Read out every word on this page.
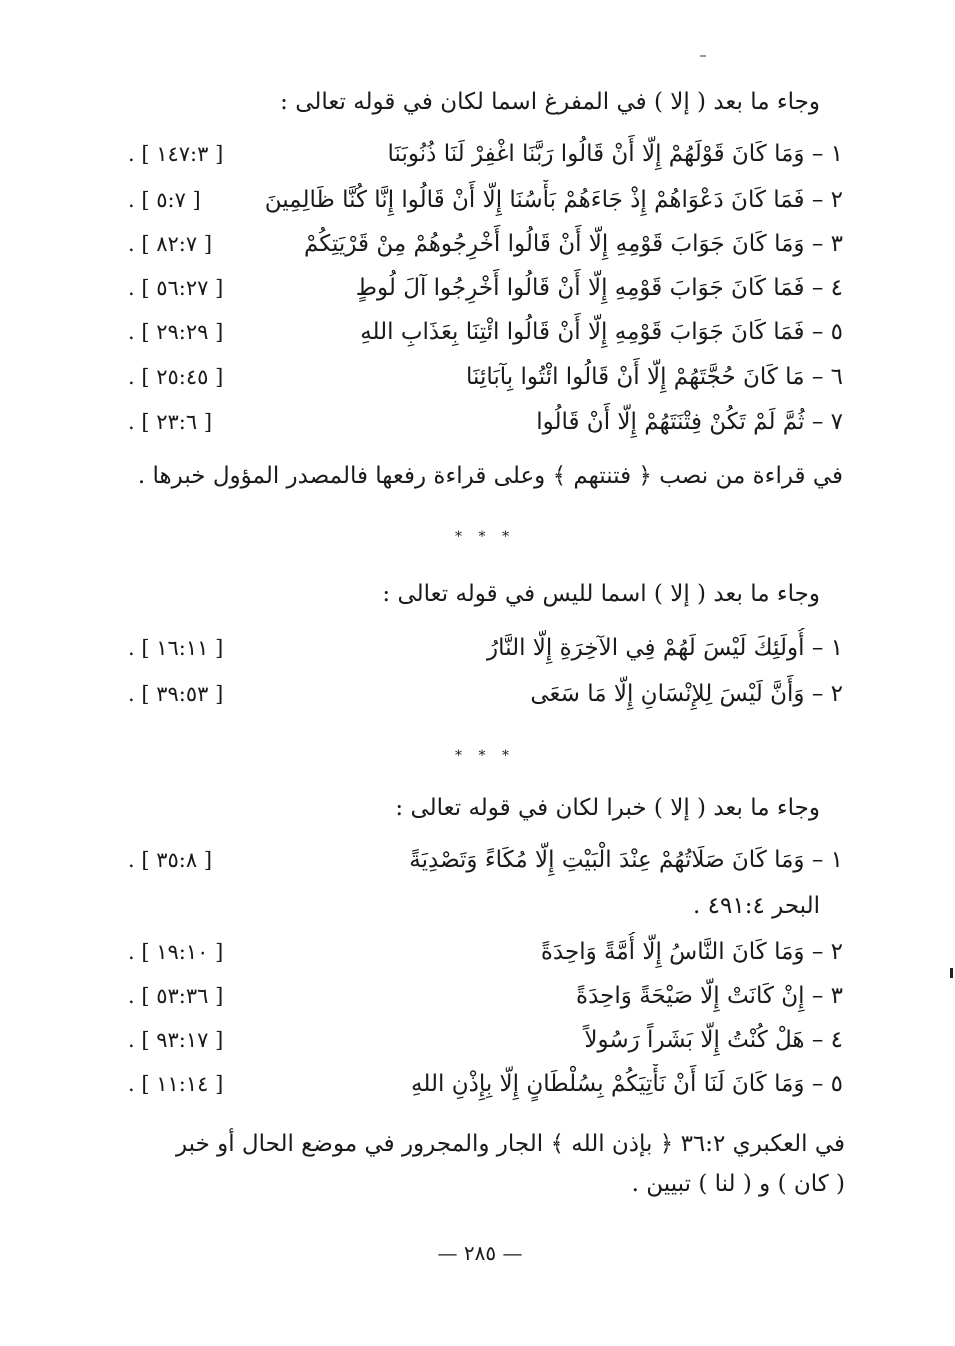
وجاء ما بعد ( إلا ) في المفرغ اسما لكان في قوله تعالى :
١ – وَمَا كَانَ قَوْلَهُمْ إِلّا أَنْ قَالُوا رَبَّنَا اغْفِرْ لَنَا ذُنُوبَنَا
[ ١٤٧:٣ ] .
٢ – فَمَا كَانَ دَعْوَاهُمْ إِذْ جَاءَهُمْ بَأْسُنَا إِلّا أَنْ قَالُوا إِنَّا كُنَّا ظَالِمِينَ
[ ٥:٧ ] .
٣ – وَمَا كَانَ جَوَابَ قَوْمِهِ إِلّا أَنْ قَالُوا أَخْرِجُوهُمْ مِنْ قَرْيَتِكُمْ
[ ٨٢:٧ ] .
٤ – فَمَا كَانَ جَوَابَ قَوْمِهِ إِلّا أَنْ قَالُوا أَخْرِجُوا آلَ لُوطٍ
[ ٥٦:٢٧ ] .
٥ – فَمَا كَانَ جَوَابَ قَوْمِهِ إِلّا أَنْ قَالُوا ائْتِنَا بِعَذَابِ اللهِ
[ ٢٩:٢٩ ] .
٦ – مَا كَانَ حُجَّتَهُمْ إِلّا أَنْ قَالُوا ائْتُوا بِآبَائِنَا
[ ٢٥:٤٥ ] .
٧ – ثُمَّ لَمْ تَكُنْ فِتْنَتَهُمْ إِلّا أَنْ قَالُوا
[ ٢٣:٦ ] .
في قراءة من نصب ﴿ فتنتهم ﴾ وعلى قراءة رفعها فالمصدر المؤول خبرها .
* * *
وجاء ما بعد ( إلا ) اسما لليس في قوله تعالى :
١ – أُولَئِكَ لَيْسَ لَهُمْ فِي الآخِرَةِ إِلّا النَّارُ
[ ١٦:١١ ] .
٢ – وَأَنَّ لَيْسَ لِلإِنْسَانِ إِلّا مَا سَعَى
[ ٣٩:٥٣ ] .
* * *
وجاء ما بعد ( إلا ) خبرا لكان في قوله تعالى :
١ – وَمَا كَانَ صَلَاتُهُمْ عِنْدَ الْبَيْتِ إِلّا مُكَاءً وَتَصْدِيَةً
[ ٣٥:٨ ] .
البحر ٤٩١:٤ .
٢ – وَمَا كَانَ النَّاسُ إِلّا أُمَّةً وَاحِدَةً
[ ١٩:١٠ ] .
٣ – إِنْ كَانَتْ إِلّا صَيْحَةً وَاحِدَةً
[ ٥٣:٣٦ ] .
٤ – هَلْ كُنْتُ إِلّا بَشَراً رَسُولاً
[ ٩٣:١٧ ] .
٥ – وَمَا كَانَ لَنَا أَنْ نَأْتِيَكُمْ بِسُلْطَانٍ إِلّا بِإِذْنِ اللهِ
[ ١١:١٤ ] .
في العكبري ٣٦:٢ ﴿ بإذن الله ﴾ الجار والمجرور في موضع الحال أو خبر
( كان ) و ( لنا ) تبيين .
— ٢٨٥ —
